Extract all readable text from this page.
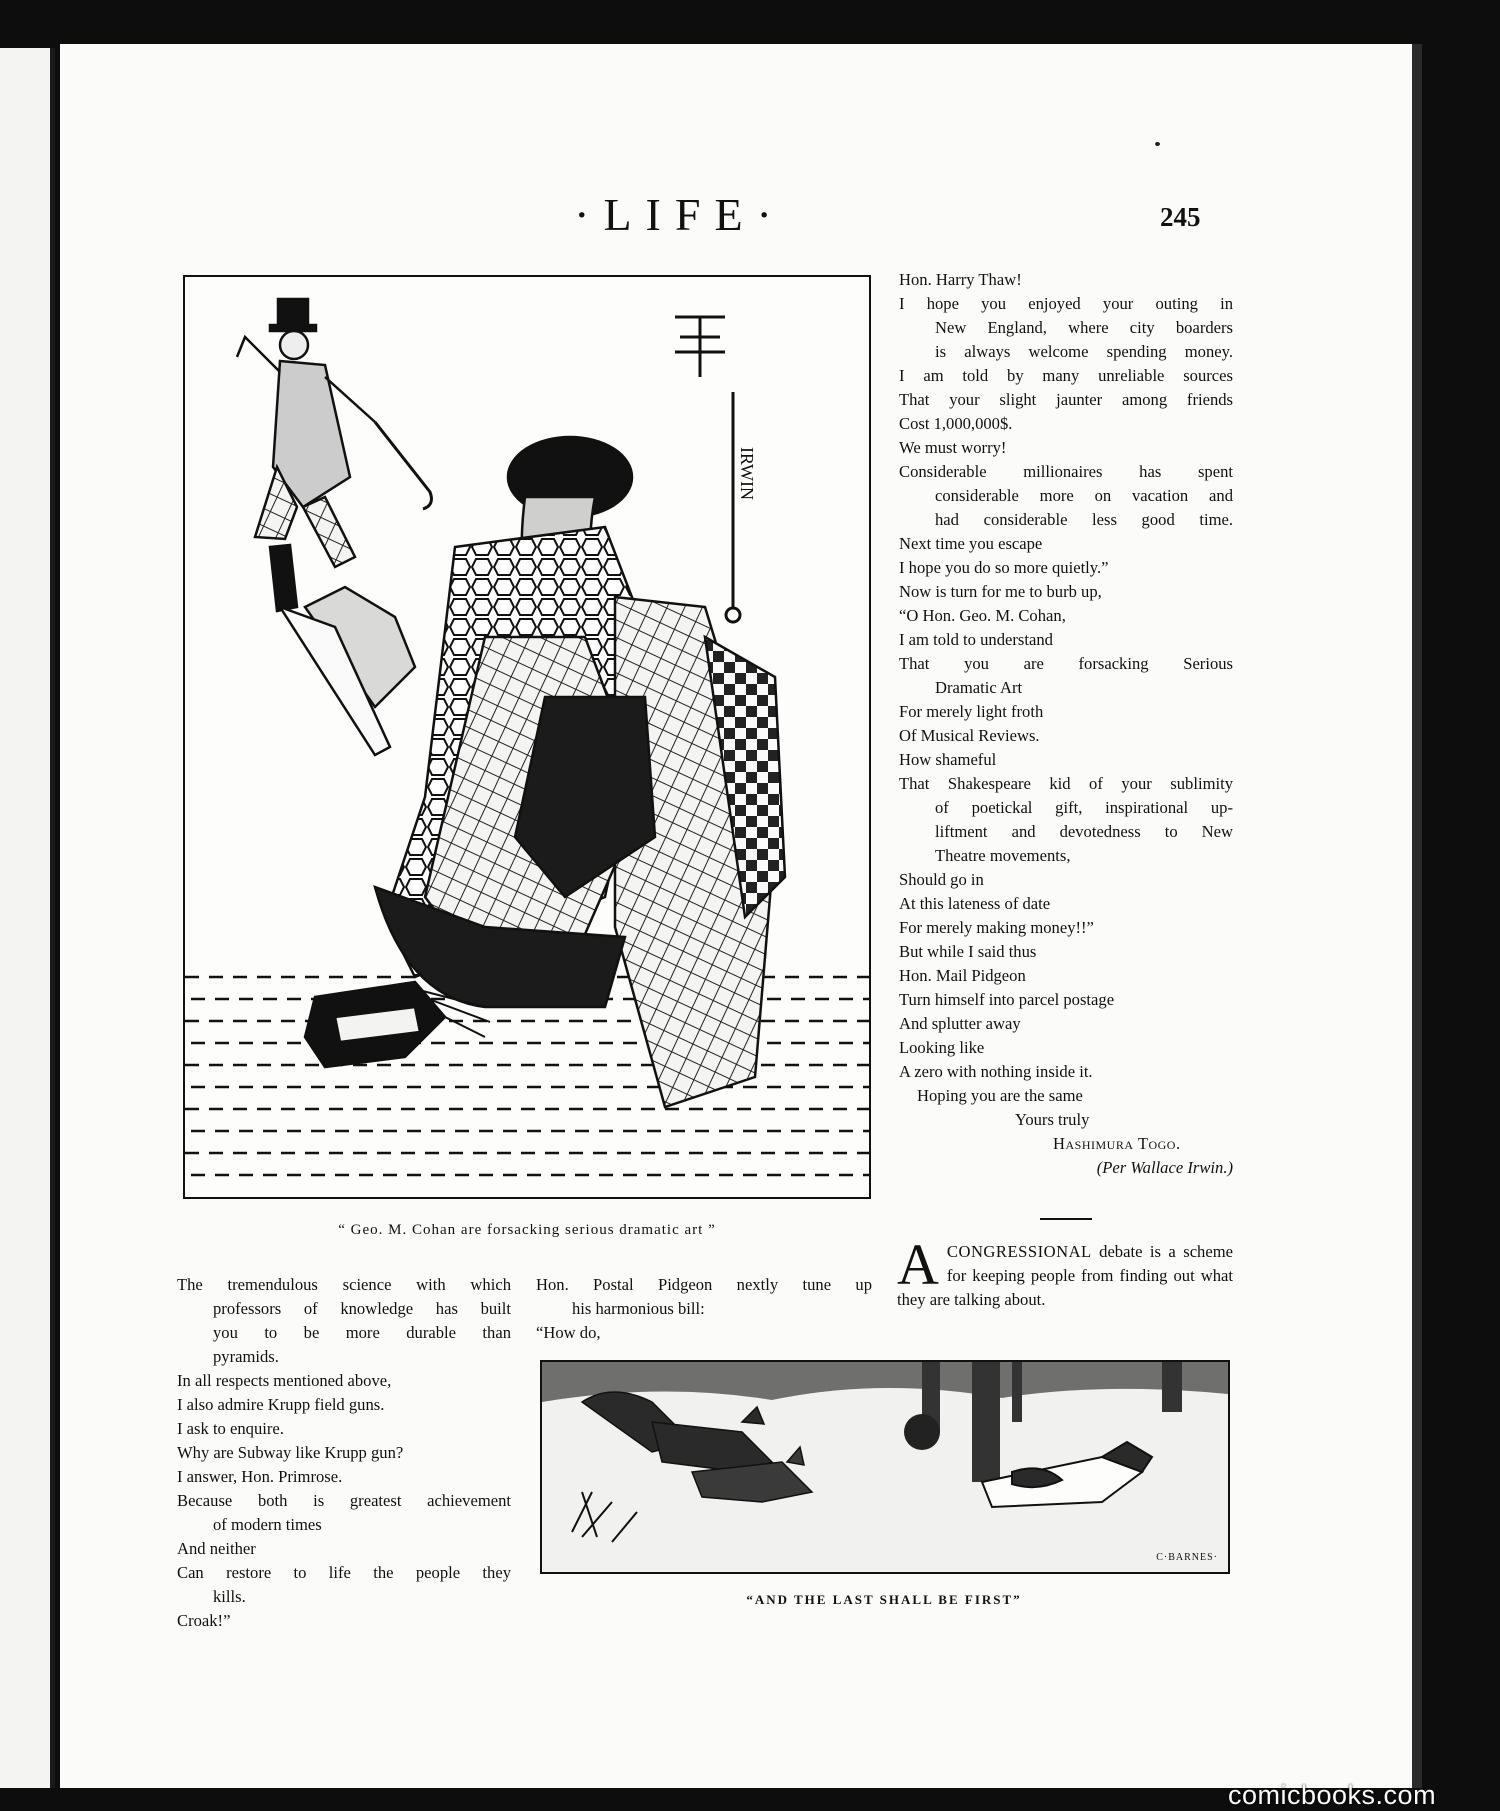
·LIFE·	245
IRWIN
“ Geo. M. Cohan are forsacking serious dramatic art ”
Hon. Harry Thaw!
I hope you enjoyed your outing in
New England, where city boarders
is always welcome spending money.
I am told by many unreliable sources
That your slight jaunter among friends
Cost 1,000,000$.
We must worry!
Considerable millionaires has spent
considerable more on vacation and
had considerable less good time.
Next time you escape
I hope you do so more quietly.”
Now is turn for me to burb up,
“O Hon. Geo. M. Cohan,
I am told to understand
That you are forsacking Serious
Dramatic Art
For merely light froth
Of Musical Reviews.
How shameful
That Shakespeare kid of your sublimity
of poetickal gift, inspirational up-
liftment and devotedness to New
Theatre movements,
Should go in
At this lateness of date
For merely making money!!”
But while I said thus
Hon. Mail Pidgeon
Turn himself into parcel postage
And splutter away
Looking like
A zero with nothing inside it.
Hoping you are the same
Yours truly
Hashimura Togo.
(Per Wallace Irwin.)
The tremendulous science with which
professors of knowledge has built
you to be more durable than
pyramids.
In all respects mentioned above,
I also admire Krupp field guns.
I ask to enquire.
Why are Subway like Krupp gun?
I answer, Hon. Primrose.
Because both is greatest achievement
of modern times
And neither
Can restore to life the people they
kills.
Croak!”
Hon. Postal Pidgeon nextly tune up
his harmonious bill:
“How do,
ACONGRESSIONAL debate is a scheme for keeping people from finding out what they are talking about.
C·BARNES·
“AND THE LAST SHALL BE FIRST”
comicbooks.com
